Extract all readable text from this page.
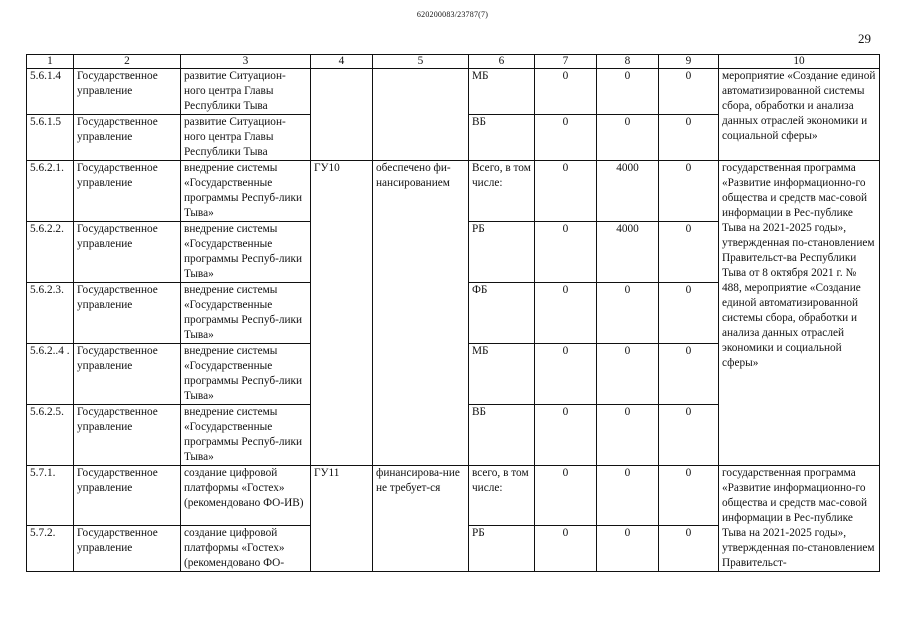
620200083/23787(7)
29
1	2	3	4	5	6	7	8	9	10
5.6.1.4	Государственное управление	развитие Ситуацион-ного центра Главы Республики Тыва			МБ	0	0	0	мероприятие «Создание единой автоматизированной системы сбора, обработки и анализа данных отраслей экономики и социальной сферы»
5.6.1.5	Государственное управление	развитие Ситуацион-ного центра Главы Республики Тыва			ВБ	0	0	0	
5.6.2.1.	Государственное управление	внедрение системы «Государственные программы Респуб-лики Тыва»	ГУ10	обеспечено фи-нансированием	Всего, в том числе:	0	4000	0	государственная программа «Развитие информационно-го общества и средств мас-совой информации в Рес-публике Тыва на 2021-2025 годы», утвержденная по-становлением Правительст-ва Республики Тыва от 8 октября 2021 г. № 488, мероприятие «Создание единой автоматизированной системы сбора, обработки и анализа данных отраслей экономики и социальной сферы»
5.6.2.2.	Государственное управление	внедрение системы «Государственные программы Респуб-лики Тыва»			РБ	0	4000	0	
5.6.2.3.	Государственное управление	внедрение системы «Государственные программы Респуб-лики Тыва»			ФБ	0	0	0	
5.6.2..4 .	Государственное управление	внедрение системы «Государственные программы Респуб-лики Тыва»			МБ	0	0	0	
5.6.2.5.	Государственное управление	внедрение системы «Государственные программы Респуб-лики Тыва»			ВБ	0	0	0	
5.7.1.	Государственное управление	создание цифровой платформы «Гостех» (рекомендовано ФО-ИВ)	ГУ11	финансирова-ние не требует-ся	всего, в том числе:	0	0	0	государственная программа «Развитие информационно-го общества и средств мас-совой информации в Рес-публике Тыва на 2021-2025 годы», утвержденная по-становлением Правительст-
5.7.2.	Государственное управление	создание цифровой платформы «Гостех» (рекомендовано ФО-			РБ	0	0	0	
